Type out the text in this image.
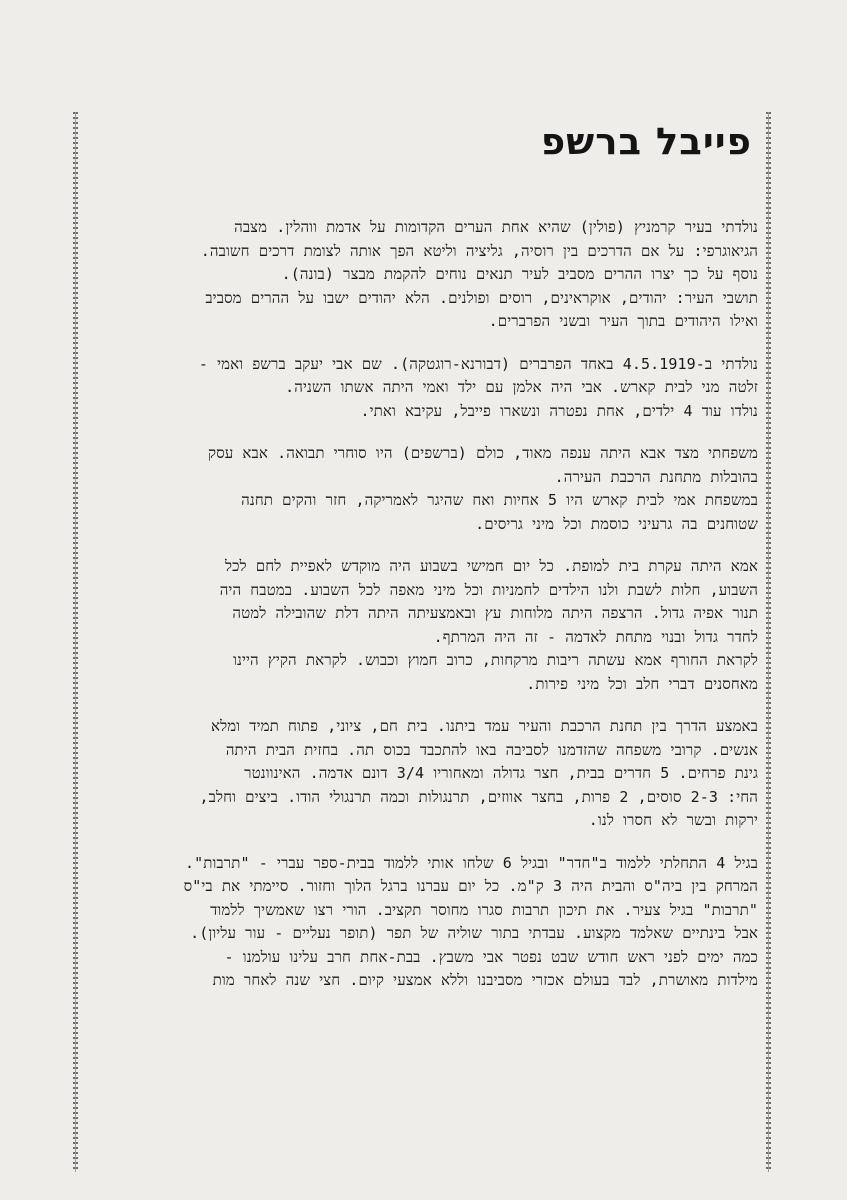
פייבל ברשפ
נולדתי בעיר קרמניץ (פולין) שהיא אחת הערים הקדומות על אדמת ווהלין. מצבה
הגיאוגרפי: על אם הדרכים בין רוסיה, גליציה וליטא הפך אותה לצומת דרכים חשובה.
נוסף על כך יצרו ההרים מסביב לעיר תנאים נוחים להקמת מבצר (בונה).
תושבי העיר: יהודים, אוקראינים, רוסים ופולנים. הלא יהודים ישבו על ההרים מסביב
ואילו היהודים בתוך העיר ובשני הפרברים.
נולדתי ב-4.5.1919 באחד הפרברים (דבורנא-רוגטקה). שם אבי יעקב ברשפ ואמי -
זלטה מני לבית קארש. אבי היה אלמן עם ילד ואמי היתה אשתו השניה.
נולדו עוד 4 ילדים, אחת נפטרה ונשארו פייבל, עקיבא ואתי.
משפחתי מצד אבא היתה ענפה מאוד, כולם (ברשפים) היו סוחרי תבואה. אבא עסק
בהובלות מתחנת הרכבת העירה.
במשפחת אמי לבית קארש היו 5 אחיות ואח שהיגר לאמריקה, חזר והקים תחנה
שטוחנים בה גרעיני כוסמת וכל מיני גריסים.
אמא היתה עקרת בית למופת. כל יום חמישי בשבוע היה מוקדש לאפיית לחם לכל
השבוע, חלות לשבת ולנו הילדים לחמניות וכל מיני מאפה לכל השבוע. במטבח היה
תנור אפיה גדול. הרצפה היתה מלוחות עץ ובאמצעיתה היתה דלת שהובילה למטה
לחדר גדול ובנוי מתחת לאדמה - זה היה המרתף.
לקראת החורף אמא עשתה ריבות מרקחות, כרוב חמוץ וכבוש. לקראת הקיץ היינו
מאחסנים דברי חלב וכל מיני פירות.
באמצע הדרך בין תחנת הרכבת והעיר עמד ביתנו. בית חם, ציוני, פתוח תמיד ומלא
אנשים. קרובי משפחה שהזדמנו לסביבה באו להתכבד בכוס תה. בחזית הבית היתה
גינת פרחים. 5 חדרים בבית, חצר גדולה ומאחוריו 3/4 דונם אדמה. האינוונטר
החי: 2-3 סוסים, 2 פרות, בחצר אווזים, תרנגולות וכמה תרנגולי הודו. ביצים וחלב,
ירקות ובשר לא חסרו לנו.
בגיל 4 התחלתי ללמוד ב"חדר" ובגיל 6 שלחו אותי ללמוד בבית-ספר עברי - "תרבות".
המרחק בין ביה"ס והבית היה 3 ק"מ. כל יום עברנו ברגל הלוך וחזור. סיימתי את בי"ס
"תרבות" בגיל צעיר. את תיכון תרבות סגרו מחוסר תקציב. הורי רצו שאמשיך ללמוד
אבל בינתיים שאלמד מקצוע. עבדתי בתור שוליה של תפר (תופר נעליים - עור עליון).
כמה ימים לפני ראש חודש שבט נפטר אבי משבץ. בבת-אחת חרב עלינו עולמנו -
מילדות מאושרת, לבד בעולם אכזרי מסביבנו וללא אמצעי קיום. חצי שנה לאחר מות
